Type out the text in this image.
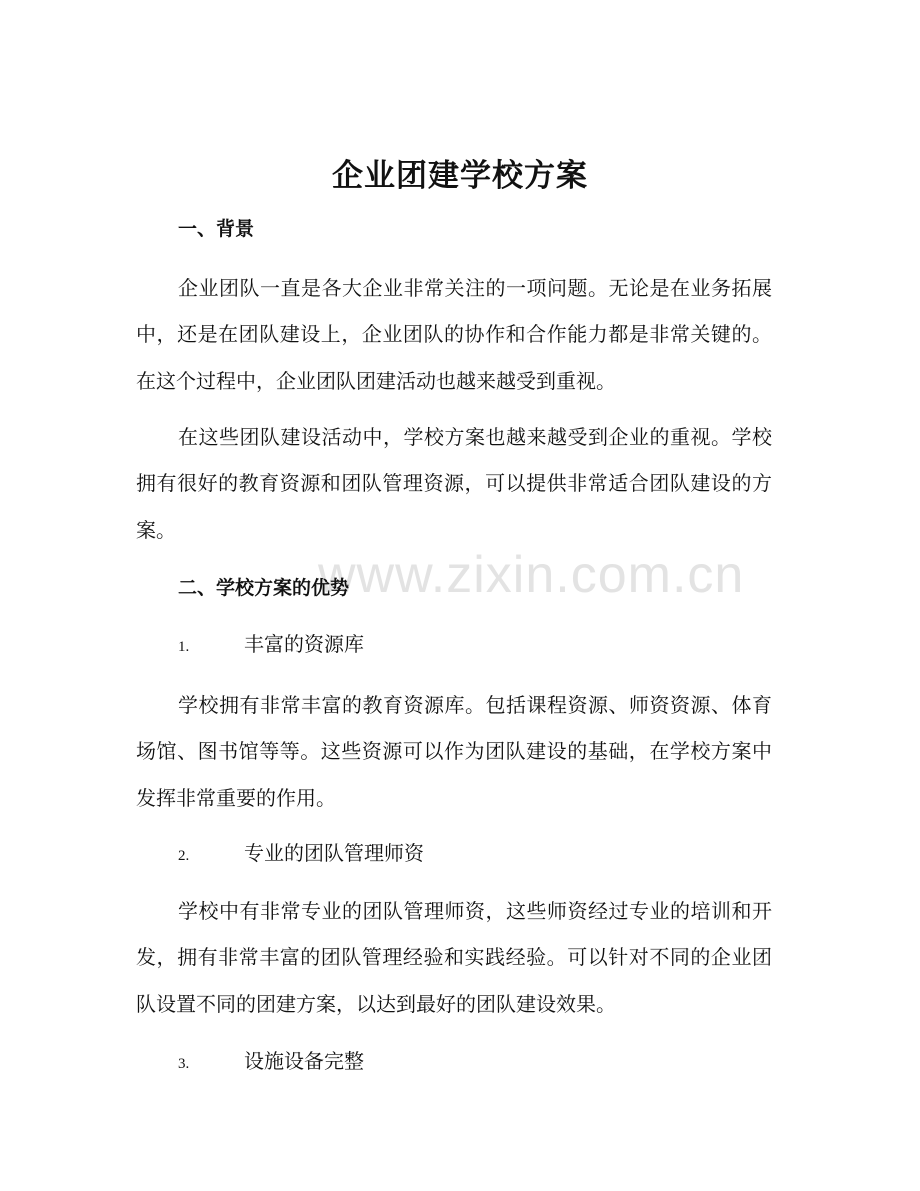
www.zixin.com.cn
企业团建学校方案
一、背景
企业团队一直是各大企业非常关注的一项问题。无论是在业务拓展中，还是在团队建设上，企业团队的协作和合作能力都是非常关键的。在这个过程中，企业团队团建活动也越来越受到重视。
在这些团队建设活动中，学校方案也越来越受到企业的重视。学校拥有很好的教育资源和团队管理资源，可以提供非常适合团队建设的方案。
二、学校方案的优势
1.	丰富的资源库
学校拥有非常丰富的教育资源库。包括课程资源、师资资源、体育场馆、图书馆等等。这些资源可以作为团队建设的基础，在学校方案中发挥非常重要的作用。
2.	专业的团队管理师资
学校中有非常专业的团队管理师资，这些师资经过专业的培训和开发，拥有非常丰富的团队管理经验和实践经验。可以针对不同的企业团队设置不同的团建方案，以达到最好的团队建设效果。
3.	设施设备完整
